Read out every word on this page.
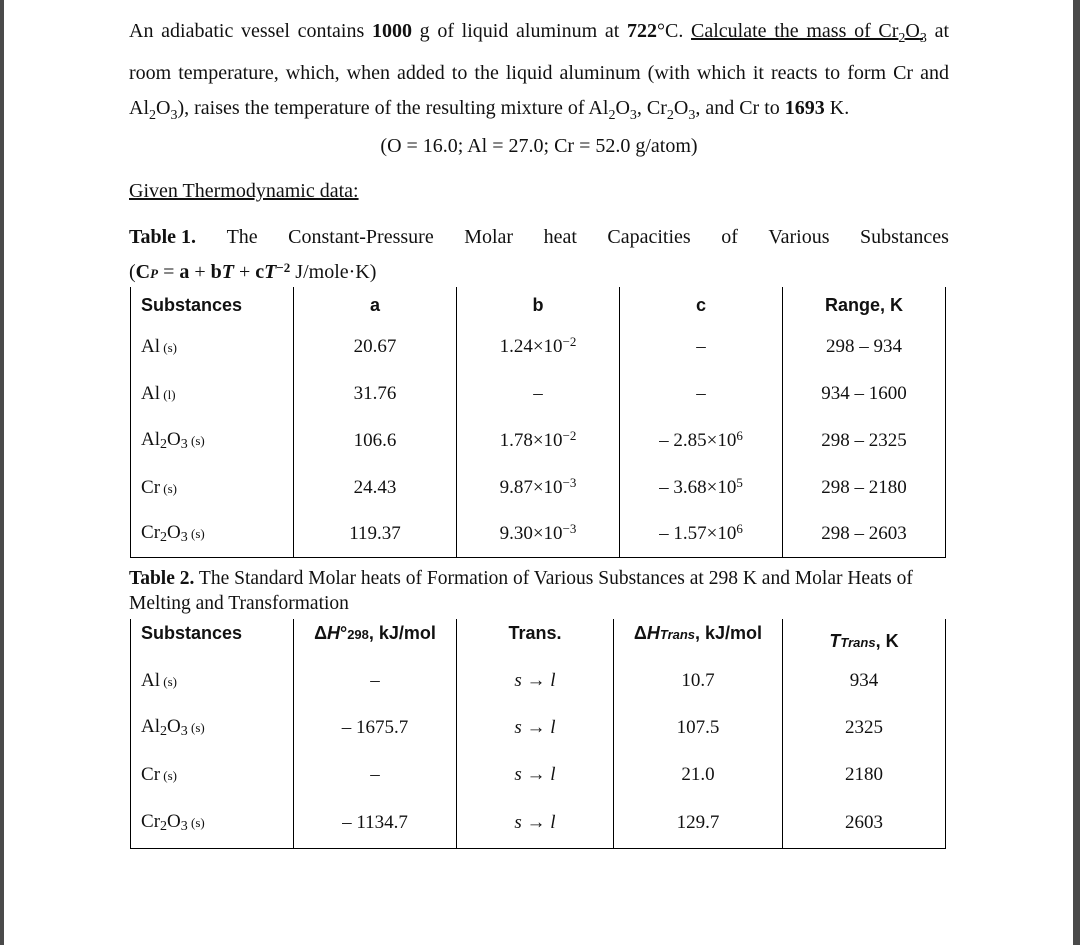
An adiabatic vessel contains 1000 g of liquid aluminum at 722°C. Calculate the mass of $Cr_2O_3$ at room temperature, which, when added to the liquid aluminum (with which it reacts to form Cr and $Al_2O_3$), raises the temperature of the resulting mixture of $Al_2O_3$, $Cr_2O_3$, and Cr to 1693 K.
(O = 16.0; Al = 27.0; Cr = 52.0 g/atom)
Given Thermodynamic data:
Table 1. The Constant-Pressure Molar heat Capacities of Various Substances
(CP = a + bT + $cT^{-2}$ J/mole·K)
Substances	a	b	c	Range, K
Al (s)	20.67	$1.24\times 10^{-2}$	–	298 – 934
Al (l)	31.76	–	–	934 – 1600
Al2O3 (s)	106.6	$1.78\times 10^{-2}$	– $2.85\times 10^6$	298 – 2325
Cr (s)	24.43	$9.87\times 10^{-3}$	– $3.68\times 10^5$	298 – 2180
Cr2O3 (s)	119.37	$9.30\times 10^{-3}$	– $1.57\times 10^6$	298 – 2603
Table 2. The Standard Molar heats of Formation of Various Substances at 298 K and Molar Heats of Melting and Transformation
Substances	ΔH°298, kJ/mol	Trans.	ΔHTrans, kJ/mol	TTrans, K
Al (s)	–	s → l	10.7	934
Al2O3 (s)	– 1675.7	s → l	107.5	2325
Cr (s)	–	s → l	21.0	2180
Cr2O3 (s)	– 1134.7	s → l	129.7	2603
